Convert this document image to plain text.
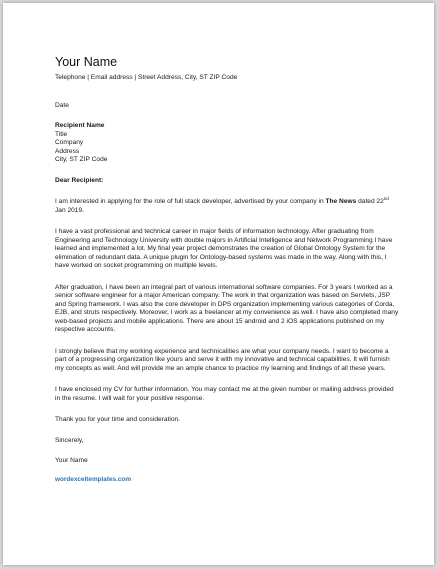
Your Name
Telephone | Email address | Street Address, City, ST ZIP Code
Date
Recipient Name
Title
Company
Address
City, ST ZIP Code
Dear Recipient:

I am interested in applying for the role of full stack developer, advertised by your company in The News dated 22nd Jan 2019.

I have a vast professional and technical career in major fields of information technology. After graduating from Engineering and Technology University with double majors in Artificial Intelligence and Network Programming I have learned and implemented a lot. My final year project demonstrates the creation of Global Ontology System for the elimination of redundant data. A unique plugin for Ontology-based systems was made in the way. Along with this, I have worked on socket programming on multiple levels.

After graduation, I have been an integral part of various international software companies. For 3 years I worked as a senior software engineer for a major American company. The work in that organization was based on Servlets, JSP and Spring framework. I was also the core developer in DPS organization implementing various categories of Corda, EJB, and struts respectively. Moreover, I work as a freelancer at my convenience as well. I have also completed many web-based projects and mobile applications. There are about 15 android and 2 iOS applications published on my respective accounts.

I strongly believe that my working experience and technicalities are what your company needs. I want to become a part of a progressing organization like yours and serve it with my innovative and technical capabilities. It will furnish my concepts as well. And will provide me an ample chance to practice my learning and findings of all these years.

I have enclosed my CV for further information. You may contact me at the given number or mailing address provided in the resume. I will wait for your positive response.

Thank you for your time and consideration.

Sincerely,
Your Name
wordexceltemplates.com
